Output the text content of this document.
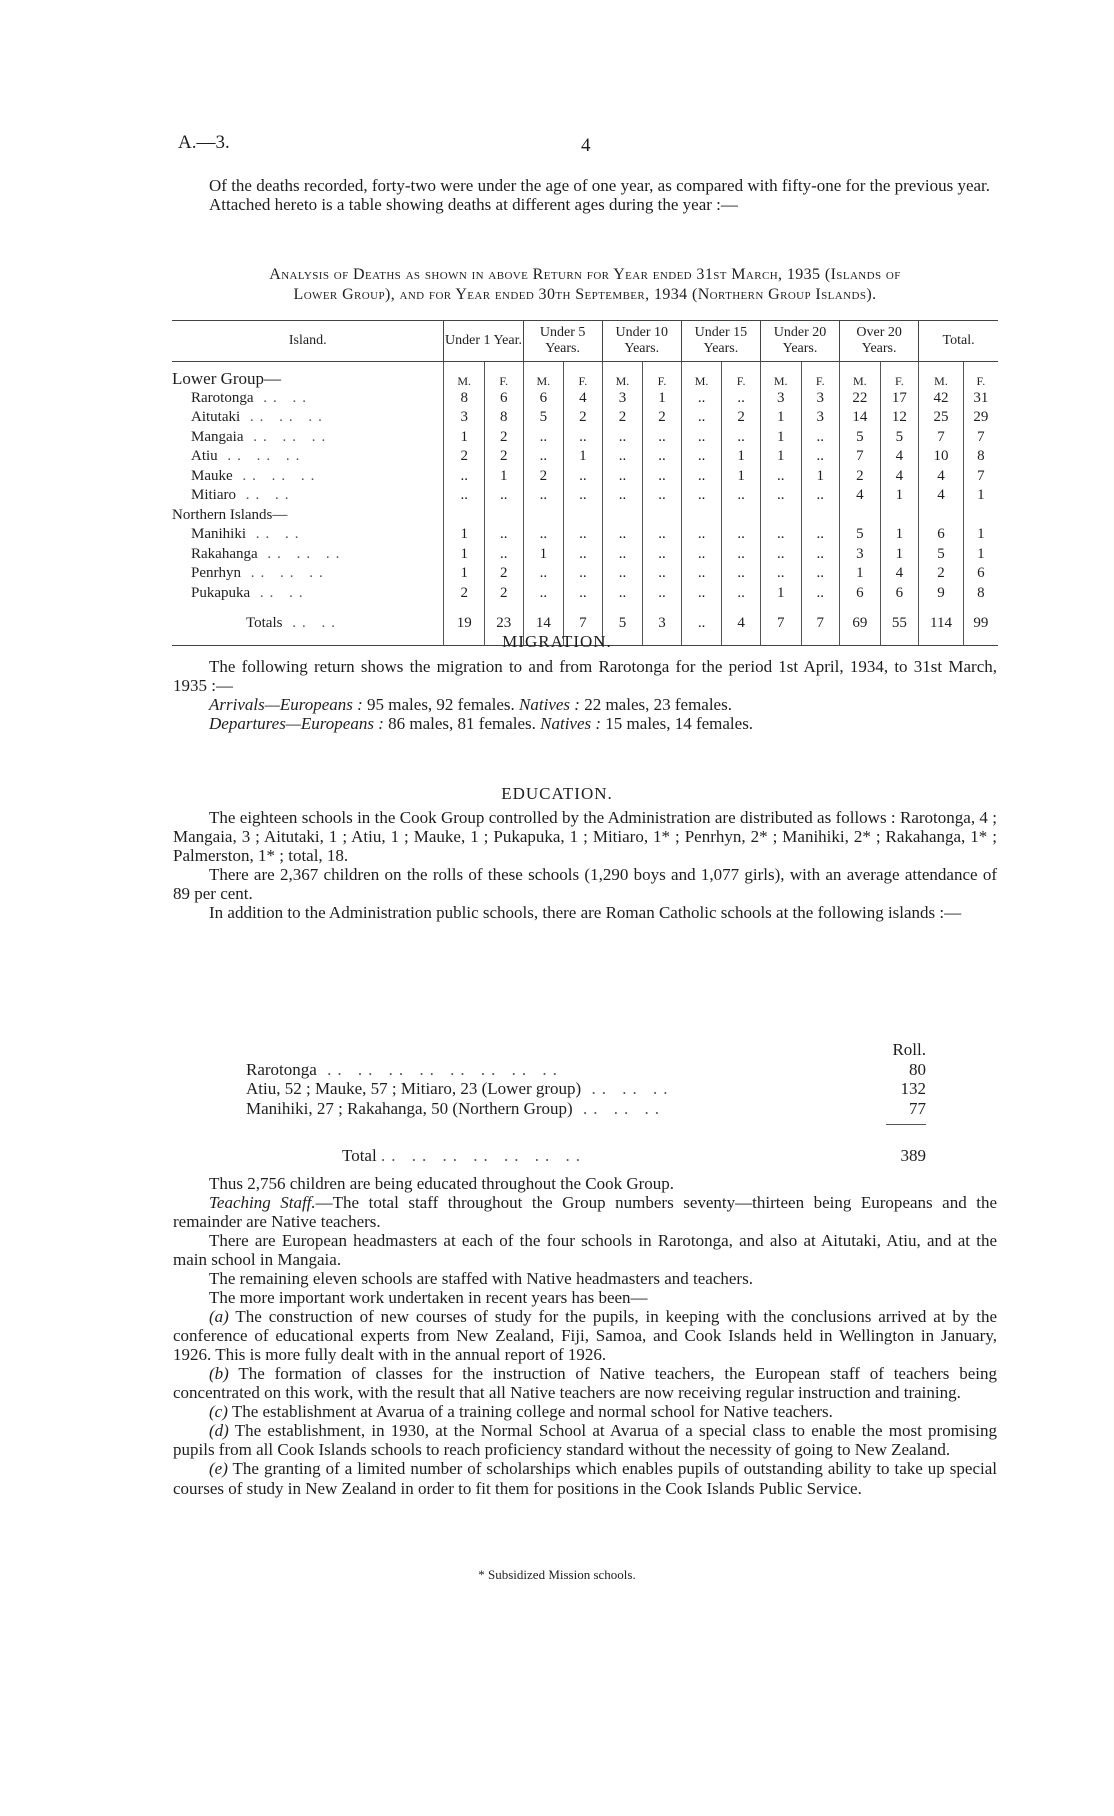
A.—3.	4

Of the deaths recorded, forty-two were under the age of one year, as compared with fifty-one for the previous year.

Attached hereto is a table showing deaths at different ages during the year :—

Analysis of Deaths as shown in above Return for Year ended 31st March, 1935 (Islands of
Lower Group), and for Year ended 30th September, 1934 (Northern Group Islands).
Island.	Under 1 Year.		Under 5 Years.		Under 10 Years.		Under 15 Years.		Under 20 Years.		Over 20 Years.		Total.	
Lower Group—	M.	F.	M.	F.	M.	F.	M.	F.	M.	F.	M.	F.	M.	F.
Rarotonga .. ..	8	6	6	4	3	1	..	..	3	3	22	17	42	31
Aitutaki .. .. ..	3	8	5	2	2	2	..	2	1	3	14	12	25	29
Mangaia .. .. ..	1	2	..	..	..	..	..	..	1	..	5	5	7	7
Atiu .. .. ..	2	2	..	1	..	..	..	1	1	..	7	4	10	8
Mauke .. .. ..	..	1	2	..	..	..	..	1	..	1	2	4	4	7
Mitiaro .. ..	..	..	..	..	..	..	..	..	..	..	4	1	4	1
Northern Islands—														
Manihiki .. ..	1	..	..	..	..	..	..	..	..	..	5	1	6	1
Rakahanga .. .. ..	1	..	1	..	..	..	..	..	..	..	3	1	5	1
Penrhyn .. .. ..	1	2	..	..	..	..	..	..	..	..	1	4	2	6
Pukapuka .. ..	2	2	..	..	..	..	..	..	1	..	6	6	9	8
Totals .. ..	19	23	14	7	5	3	..	4	7	7	69	55	114	99
MIGRATION.

The following return shows the migration to and from Rarotonga for the period 1st April, 1934, to 31st March, 1935 :—

Arrivals—Europeans : 95 males, 92 females. Natives : 22 males, 23 females.

Departures—Europeans : 86 males, 81 females. Natives : 15 males, 14 females.

EDUCATION.

The eighteen schools in the Cook Group controlled by the Administration are distributed as follows : Rarotonga, 4 ; Mangaia, 3 ; Aitutaki, 1 ; Atiu, 1 ; Mauke, 1 ; Pukapuka, 1 ; Mitiaro, 1* ; Penrhyn, 2* ; Manihiki, 2* ; Rakahanga, 1* ; Palmerston, 1* ; total, 18.

There are 2,367 children on the rolls of these schools (1,290 boys and 1,077 girls), with an average attendance of 89 per cent.

In addition to the Administration public schools, there are Roman Catholic schools at the following islands :—

Roll.
Rarotonga .. .. .. .. .. .. .. ..	80
Atiu, 52 ; Mauke, 57 ; Mitiaro, 23 (Lower group) .. .. ..	132
Manihiki, 27 ; Rakahanga, 50 (Northern Group) .. .. ..	77
Total .. .. .. .. .. .. ..	389

Thus 2,756 children are being educated throughout the Cook Group.

Teaching Staff.—The total staff throughout the Group numbers seventy—thirteen being Europeans and the remainder are Native teachers.

There are European headmasters at each of the four schools in Rarotonga, and also at Aitutaki, Atiu, and at the main school in Mangaia.

The remaining eleven schools are staffed with Native headmasters and teachers.

The more important work undertaken in recent years has been—

(a) The construction of new courses of study for the pupils, in keeping with the conclusions arrived at by the conference of educational experts from New Zealand, Fiji, Samoa, and Cook Islands held in Wellington in January, 1926. This is more fully dealt with in the annual report of 1926.

(b) The formation of classes for the instruction of Native teachers, the European staff of teachers being concentrated on this work, with the result that all Native teachers are now receiving regular instruction and training.

(c) The establishment at Avarua of a training college and normal school for Native teachers.

(d) The establishment, in 1930, at the Normal School at Avarua of a special class to enable the most promising pupils from all Cook Islands schools to reach proficiency standard without the necessity of going to New Zealand.

(e) The granting of a limited number of scholarships which enables pupils of outstanding ability to take up special courses of study in New Zealand in order to fit them for positions in the Cook Islands Public Service.

* Subsidized Mission schools.
